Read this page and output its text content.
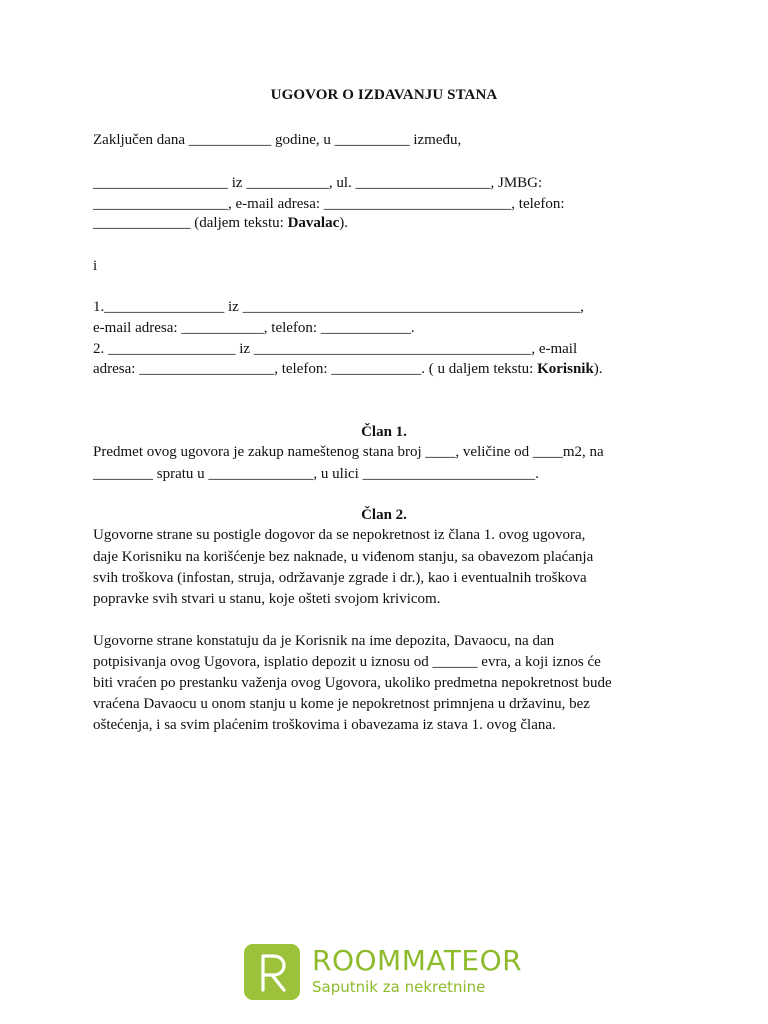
UGOVOR O IZDAVANJU STANA

Zaključen dana ___________ godine, u __________ između,

__________________ iz ___________, ul. __________________, JMBG:

__________________, e-mail adresa: _________________________, telefon:

_____________ (daljem tekstu: Davalac).

i

1.________________ iz _____________________________________________,

e-mail adresa: ___________, telefon: ____________.

2. _________________ iz _____________________________________, e-mail

adresa: __________________, telefon: ____________. ( u daljem tekstu: Korisnik).

Član 1.

Predmet ovog ugovora je zakup nameštenog stana broj ____, veličine od ____m2, na

________ spratu u ______________, u ulici _______________________.

Član 2.

Ugovorne strane su postigle dogovor da se nepokretnost iz člana 1. ovog ugovora,

daje Korisniku na korišćenje bez naknade, u viđenom stanju, sa obavezom plaćanja

svih troškova (infostan, struja, održavanje zgrade i dr.), kao i eventualnih troškova

popravke svih stvari u stanu, koje ošteti svojom krivicom.

Ugovorne strane konstatuju da je Korisnik na ime depozita, Davaocu, na dan

potpisivanja ovog Ugovora, isplatio depozit u iznosu od ______ evra, a koji iznos će

biti vraćen po prestanku važenja ovog Ugovora, ukoliko predmetna nepokretnost bude

vraćena Davaocu u onom stanju u kome je nepokretnost primnjena u državinu, bez

oštećenja, i sa svim plaćenim troškovima i obavezama iz stava 1. ovog člana.

ROOMMATEOR
Saputnik za nekretnine
